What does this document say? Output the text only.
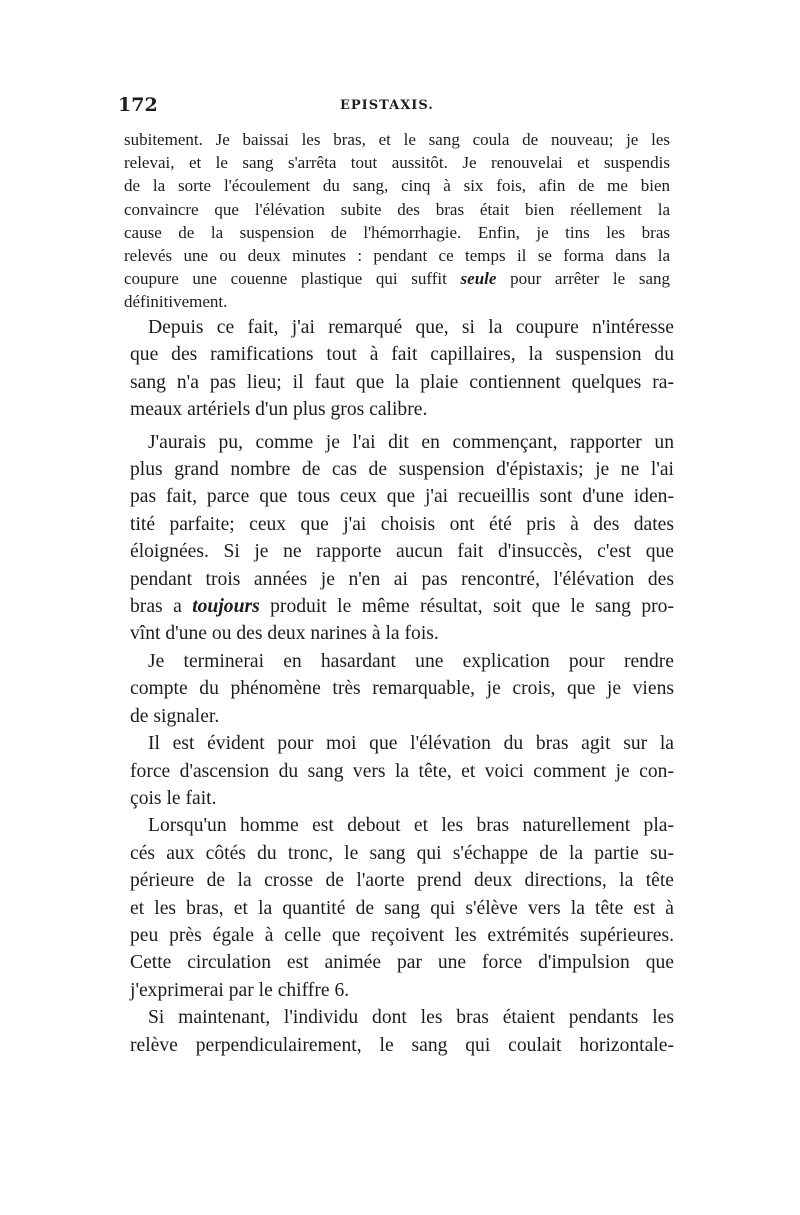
172	EPISTAXIS.
subitement. Je baissai les bras, et le sang coula de nouveau; je les
relevai, et le sang s'arrêta tout aussitôt. Je renouvelai et suspendis
de la sorte l'écoulement du sang, cinq à six fois, afin de me bien
convaincre que l'élévation subite des bras était bien réellement la
cause de la suspension de l'hémorrhagie. Enfin, je tins les bras
relevés une ou deux minutes : pendant ce temps il se forma dans la
coupure une couenne plastique qui suffit seule pour arrêter le sang
définitivement.
Depuis ce fait, j'ai remarqué que, si la coupure n'intéresse
que des ramifications tout à fait capillaires, la suspension du
sang n'a pas lieu; il faut que la plaie contiennent quelques ra-
meaux artériels d'un plus gros calibre.
J'aurais pu, comme je l'ai dit en commençant, rapporter un
plus grand nombre de cas de suspension d'épistaxis; je ne l'ai
pas fait, parce que tous ceux que j'ai recueillis sont d'une iden-
tité parfaite; ceux que j'ai choisis ont été pris à des dates
éloignées. Si je ne rapporte aucun fait d'insuccès, c'est que
pendant trois années je n'en ai pas rencontré, l'élévation des
bras a toujours produit le même résultat, soit que le sang pro-
vînt d'une ou des deux narines à la fois.
Je terminerai en hasardant une explication pour rendre
compte du phénomène très remarquable, je crois, que je viens
de signaler.
Il est évident pour moi que l'élévation du bras agit sur la
force d'ascension du sang vers la tête, et voici comment je con-
çois le fait.
Lorsqu'un homme est debout et les bras naturellement pla-
cés aux côtés du tronc, le sang qui s'échappe de la partie su-
périeure de la crosse de l'aorte prend deux directions, la tête
et les bras, et la quantité de sang qui s'élève vers la tête est à
peu près égale à celle que reçoivent les extrémités supérieures.
Cette circulation est animée par une force d'impulsion que
j'exprimerai par le chiffre 6.
Si maintenant, l'individu dont les bras étaient pendants les
relève perpendiculairement, le sang qui coulait horizontale-
